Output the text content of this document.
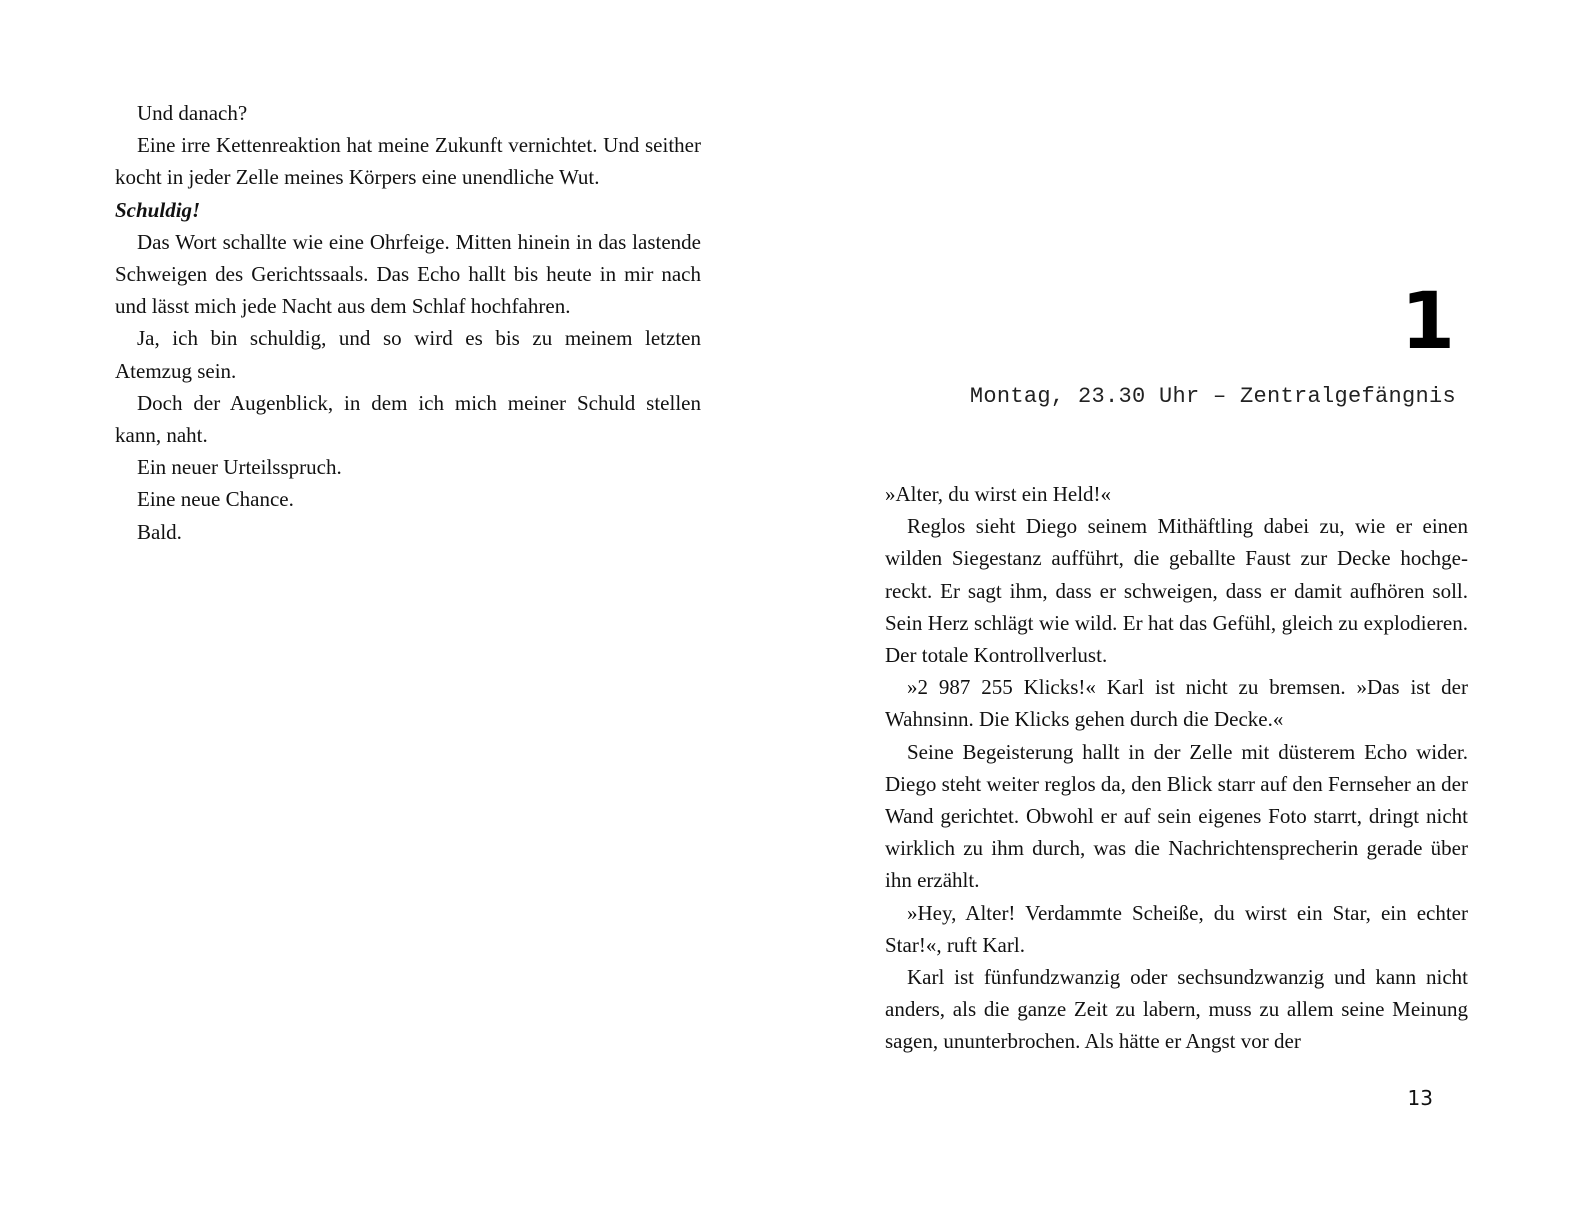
Und danach?

Eine irre Kettenreaktion hat meine Zukunft vernichtet. Und seither kocht in jeder Zelle meines Körpers eine unendliche Wut.

Schuldig!

Das Wort schallte wie eine Ohrfeige. Mitten hinein in das lastende Schweigen des Gerichtssaals. Das Echo hallt bis heute in mir nach und lässt mich jede Nacht aus dem Schlaf hochfahren.

Ja, ich bin schuldig, und so wird es bis zu meinem letzten Atemzug sein.

Doch der Augenblick, in dem ich mich meiner Schuld stellen kann, naht.

Ein neuer Urteilsspruch.

Eine neue Chance.

Bald.

1
Montag, 23.30 Uhr – Zentralgefängnis

»Alter, du wirst ein Held!«

Reglos sieht Diego seinem Mithäftling dabei zu, wie er einen wilden Siegestanz aufführt, die geballte Faust zur Decke hochgereckt. Er sagt ihm, dass er schweigen, dass er damit aufhören soll. Sein Herz schlägt wie wild. Er hat das Gefühl, gleich zu explodieren. Der totale Kontrollverlust.

»2 987 255 Klicks!« Karl ist nicht zu bremsen. »Das ist der Wahnsinn. Die Klicks gehen durch die Decke.«

Seine Begeisterung hallt in der Zelle mit düsterem Echo wider. Diego steht weiter reglos da, den Blick starr auf den Fernseher an der Wand gerichtet. Obwohl er auf sein eigenes Foto starrt, dringt nicht wirklich zu ihm durch, was die Nachrichtensprecherin gerade über ihn erzählt.

»Hey, Alter! Verdammte Scheiße, du wirst ein Star, ein echter Star!«, ruft Karl.

Karl ist fünfundzwanzig oder sechsundzwanzig und kann nicht anders, als die ganze Zeit zu labern, muss zu allem seine Meinung sagen, ununterbrochen. Als hätte er Angst vor der

13
